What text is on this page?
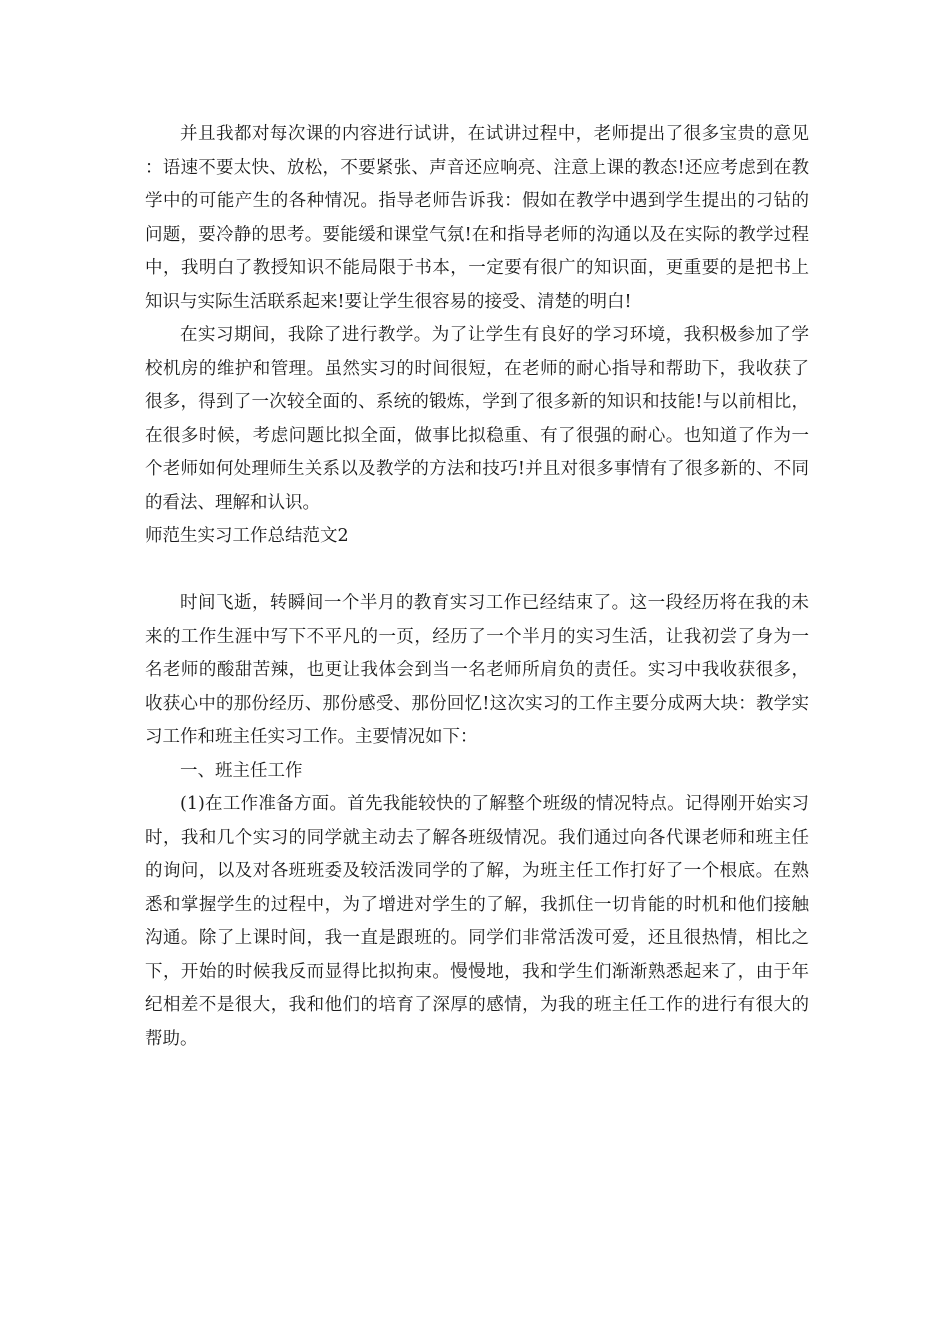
并且我都对每次课的内容进行试讲，在试讲过程中，老师提出了很多宝贵的意见：语速不要太快、放松，不要紧张、声音还应响亮、注意上课的教态!还应考虑到在教学中的可能产生的各种情况。指导老师告诉我：假如在教学中遇到学生提出的刁钻的问题，要冷静的思考。要能缓和课堂气氛!在和指导老师的沟通以及在实际的教学过程中，我明白了教授知识不能局限于书本，一定要有很广的知识面，更重要的是把书上知识与实际生活联系起来!要让学生很容易的接受、清楚的明白!

在实习期间，我除了进行教学。为了让学生有良好的学习环境，我积极参加了学校机房的维护和管理。虽然实习的时间很短，在老师的耐心指导和帮助下，我收获了很多，得到了一次较全面的、系统的锻炼，学到了很多新的知识和技能!与以前相比，在很多时候，考虑问题比拟全面，做事比拟稳重、有了很强的耐心。也知道了作为一个老师如何处理师生关系以及教学的方法和技巧!并且对很多事情有了很多新的、不同的看法、理解和认识。

师范生实习工作总结范文2

时间飞逝，转瞬间一个半月的教育实习工作已经结束了。这一段经历将在我的未来的工作生涯中写下不平凡的一页，经历了一个半月的实习生活，让我初尝了身为一名老师的酸甜苦辣，也更让我体会到当一名老师所肩负的责任。实习中我收获很多，收获心中的那份经历、那份感受、那份回忆!这次实习的工作主要分成两大块：教学实习工作和班主任实习工作。主要情况如下：

一、班主任工作

(1)在工作准备方面。首先我能较快的了解整个班级的情况特点。记得刚开始实习时，我和几个实习的同学就主动去了解各班级情况。我们通过向各代课老师和班主任的询问，以及对各班班委及较活泼同学的了解，为班主任工作打好了一个根底。在熟悉和掌握学生的过程中，为了增进对学生的了解，我抓住一切肯能的时机和他们接触沟通。除了上课时间，我一直是跟班的。同学们非常活泼可爱，还且很热情，相比之下，开始的时候我反而显得比拟拘束。慢慢地，我和学生们渐渐熟悉起来了，由于年纪相差不是很大，我和他们的培育了深厚的感情，为我的班主任工作的进行有很大的帮助。
